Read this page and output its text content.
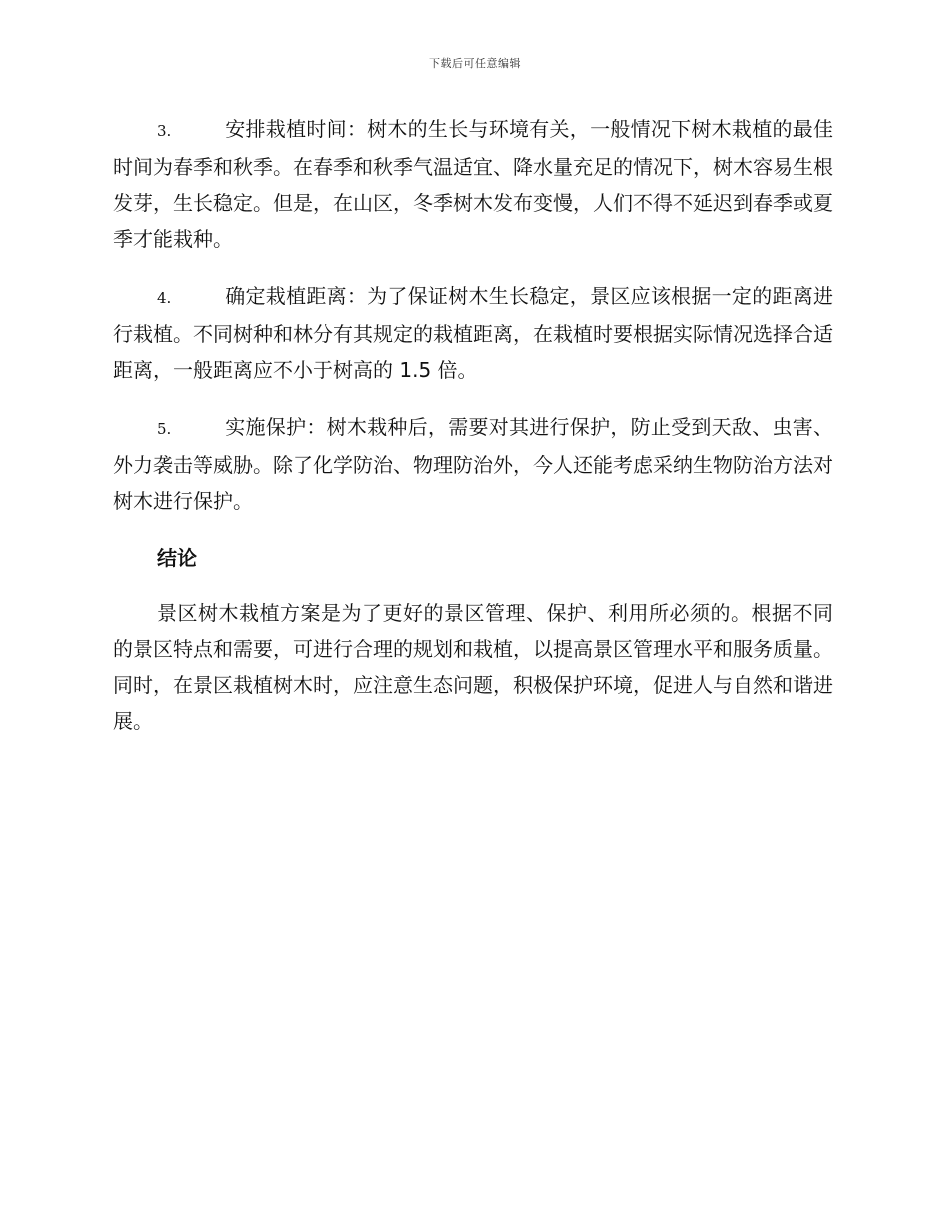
下载后可任意编辑

3.	安排栽植时间：树木的生长与环境有关，一般情况下树木栽植的最佳时间为春季和秋季。在春季和秋季气温适宜、降水量充足的情况下，树木容易生根发芽，生长稳定。但是，在山区，冬季树木发布变慢，人们不得不延迟到春季或夏季才能栽种。

4.	确定栽植距离：为了保证树木生长稳定，景区应该根据一定的距离进行栽植。不同树种和林分有其规定的栽植距离，在栽植时要根据实际情况选择合适距离，一般距离应不小于树高的 1.5 倍。

5.	实施保护：树木栽种后，需要对其进行保护，防止受到天敌、虫害、外力袭击等威胁。除了化学防治、物理防治外，今人还能考虑采纳生物防治方法对树木进行保护。

结论

景区树木栽植方案是为了更好的景区管理、保护、利用所必须的。根据不同的景区特点和需要，可进行合理的规划和栽植，以提高景区管理水平和服务质量。同时，在景区栽植树木时，应注意生态问题，积极保护环境，促进人与自然和谐进展。
